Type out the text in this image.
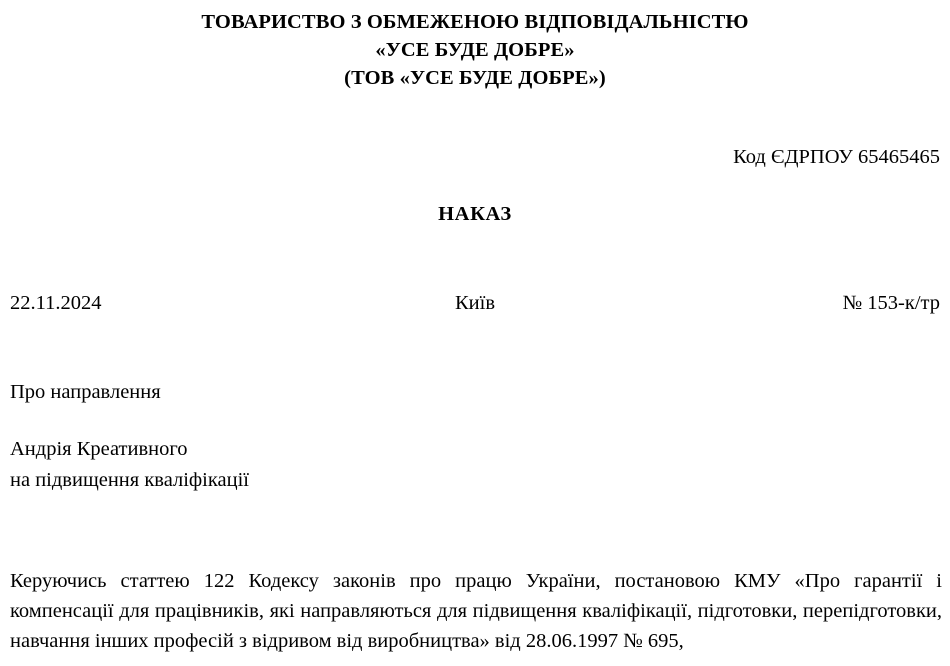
ТОВАРИСТВО З ОБМЕЖЕНОЮ ВІДПОВІДАЛЬНІСТЮ
«УСЕ БУДЕ ДОБРЕ»
(ТОВ «УСЕ БУДЕ ДОБРЕ»)
Код ЄДРПОУ 65465465
НАКАЗ
22.11.2024	Київ	№ 153-к/тр
Про направлення
Андрія Креативного
на підвищення кваліфікації

Керуючись статтею 122 Кодексу законів про працю України, постановою КМУ «Про гарантії і компенсації для працівників, які направляються для підвищення кваліфікації, підготовки, перепідготовки, навчання інших професій з відривом від виробництва» від 28.06.1997 № 695,
